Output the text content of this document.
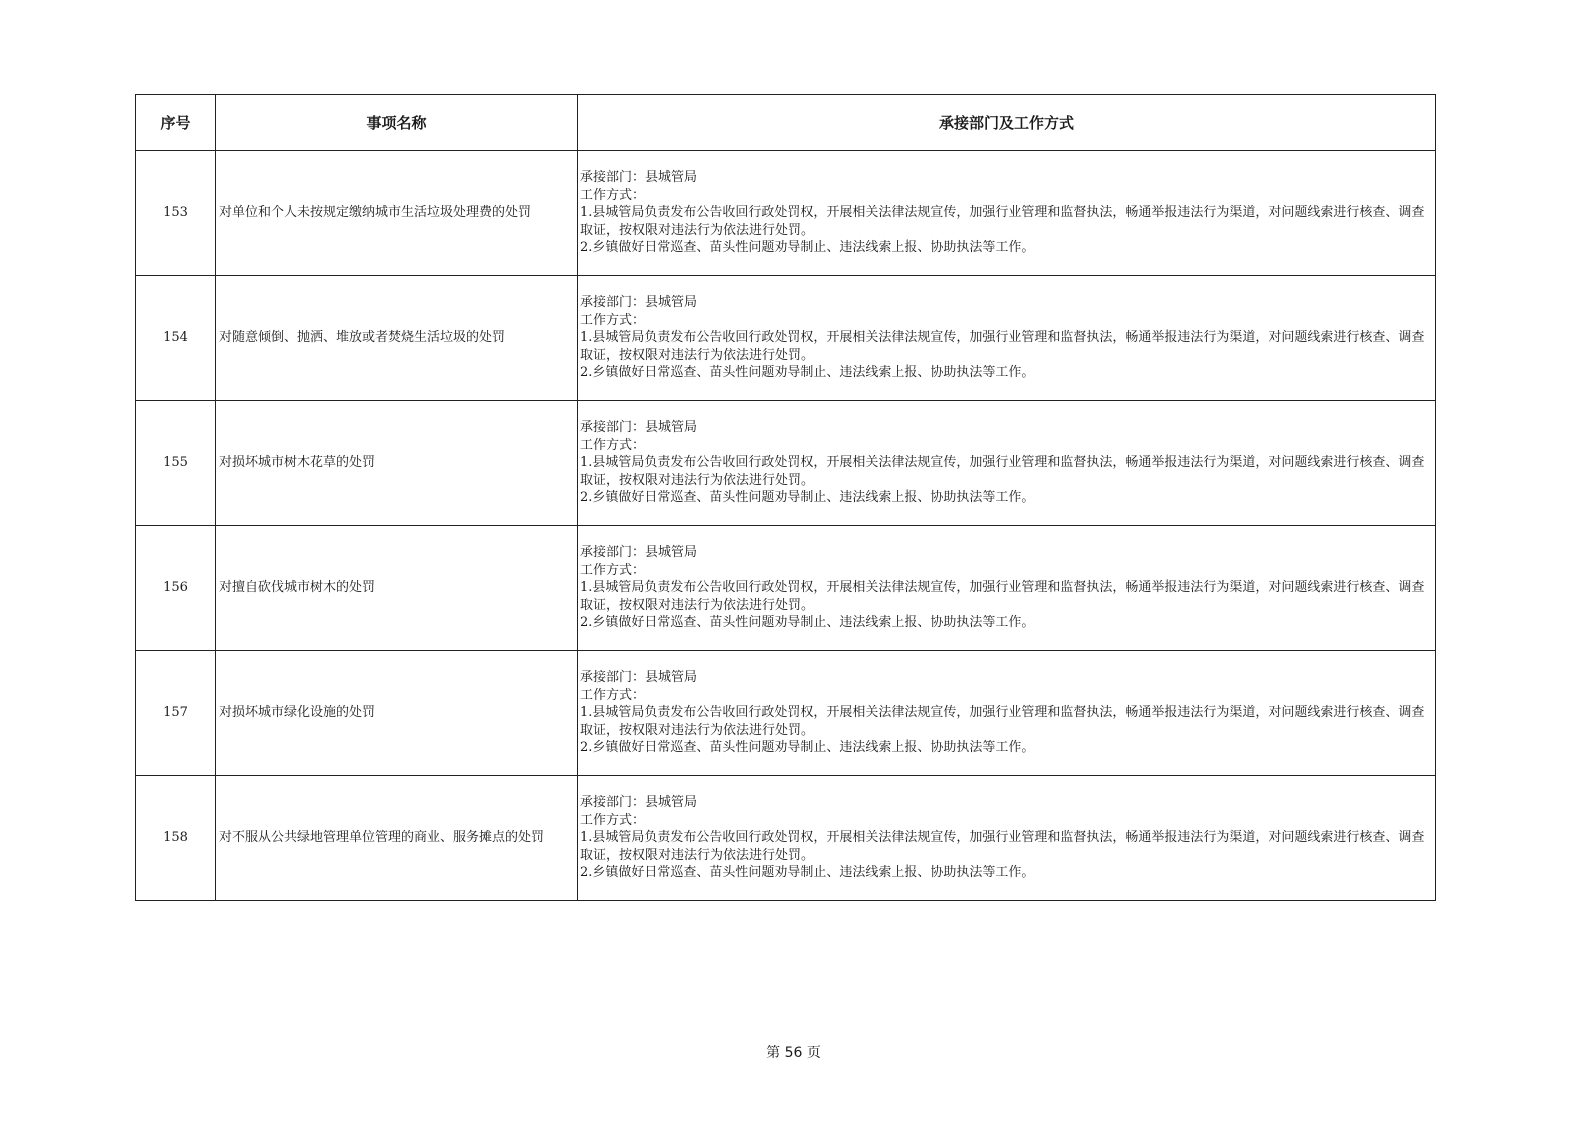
序号	事项名称	承接部门及工作方式
153	对单位和个人未按规定缴纳城市生活垃圾处理费的处罚	承接部门：县城管局
工作方式：
1.县城管局负责发布公告收回行政处罚权，开展相关法律法规宣传，加强行业管理和监督执法，畅通举报违法行为渠道，对问题线索进行核查、调查取证，按权限对违法行为依法进行处罚。
2.乡镇做好日常巡查、苗头性问题劝导制止、违法线索上报、协助执法等工作。

154	对随意倾倒、抛洒、堆放或者焚烧生活垃圾的处罚	承接部门：县城管局
工作方式：
1.县城管局负责发布公告收回行政处罚权，开展相关法律法规宣传，加强行业管理和监督执法，畅通举报违法行为渠道，对问题线索进行核查、调查取证，按权限对违法行为依法进行处罚。
2.乡镇做好日常巡查、苗头性问题劝导制止、违法线索上报、协助执法等工作。

155	对损坏城市树木花草的处罚	承接部门：县城管局
工作方式：
1.县城管局负责发布公告收回行政处罚权，开展相关法律法规宣传，加强行业管理和监督执法，畅通举报违法行为渠道，对问题线索进行核查、调查取证，按权限对违法行为依法进行处罚。
2.乡镇做好日常巡查、苗头性问题劝导制止、违法线索上报、协助执法等工作。

156	对擅自砍伐城市树木的处罚	承接部门：县城管局
工作方式：
1.县城管局负责发布公告收回行政处罚权，开展相关法律法规宣传，加强行业管理和监督执法，畅通举报违法行为渠道，对问题线索进行核查、调查取证，按权限对违法行为依法进行处罚。
2.乡镇做好日常巡查、苗头性问题劝导制止、违法线索上报、协助执法等工作。

157	对损坏城市绿化设施的处罚	承接部门：县城管局
工作方式：
1.县城管局负责发布公告收回行政处罚权，开展相关法律法规宣传，加强行业管理和监督执法，畅通举报违法行为渠道，对问题线索进行核查、调查取证，按权限对违法行为依法进行处罚。
2.乡镇做好日常巡查、苗头性问题劝导制止、违法线索上报、协助执法等工作。

158	对不服从公共绿地管理单位管理的商业、服务摊点的处罚	承接部门：县城管局
工作方式：
1.县城管局负责发布公告收回行政处罚权，开展相关法律法规宣传，加强行业管理和监督执法，畅通举报违法行为渠道，对问题线索进行核查、调查取证，按权限对违法行为依法进行处罚。
2.乡镇做好日常巡查、苗头性问题劝导制止、违法线索上报、协助执法等工作。
第 56 页
